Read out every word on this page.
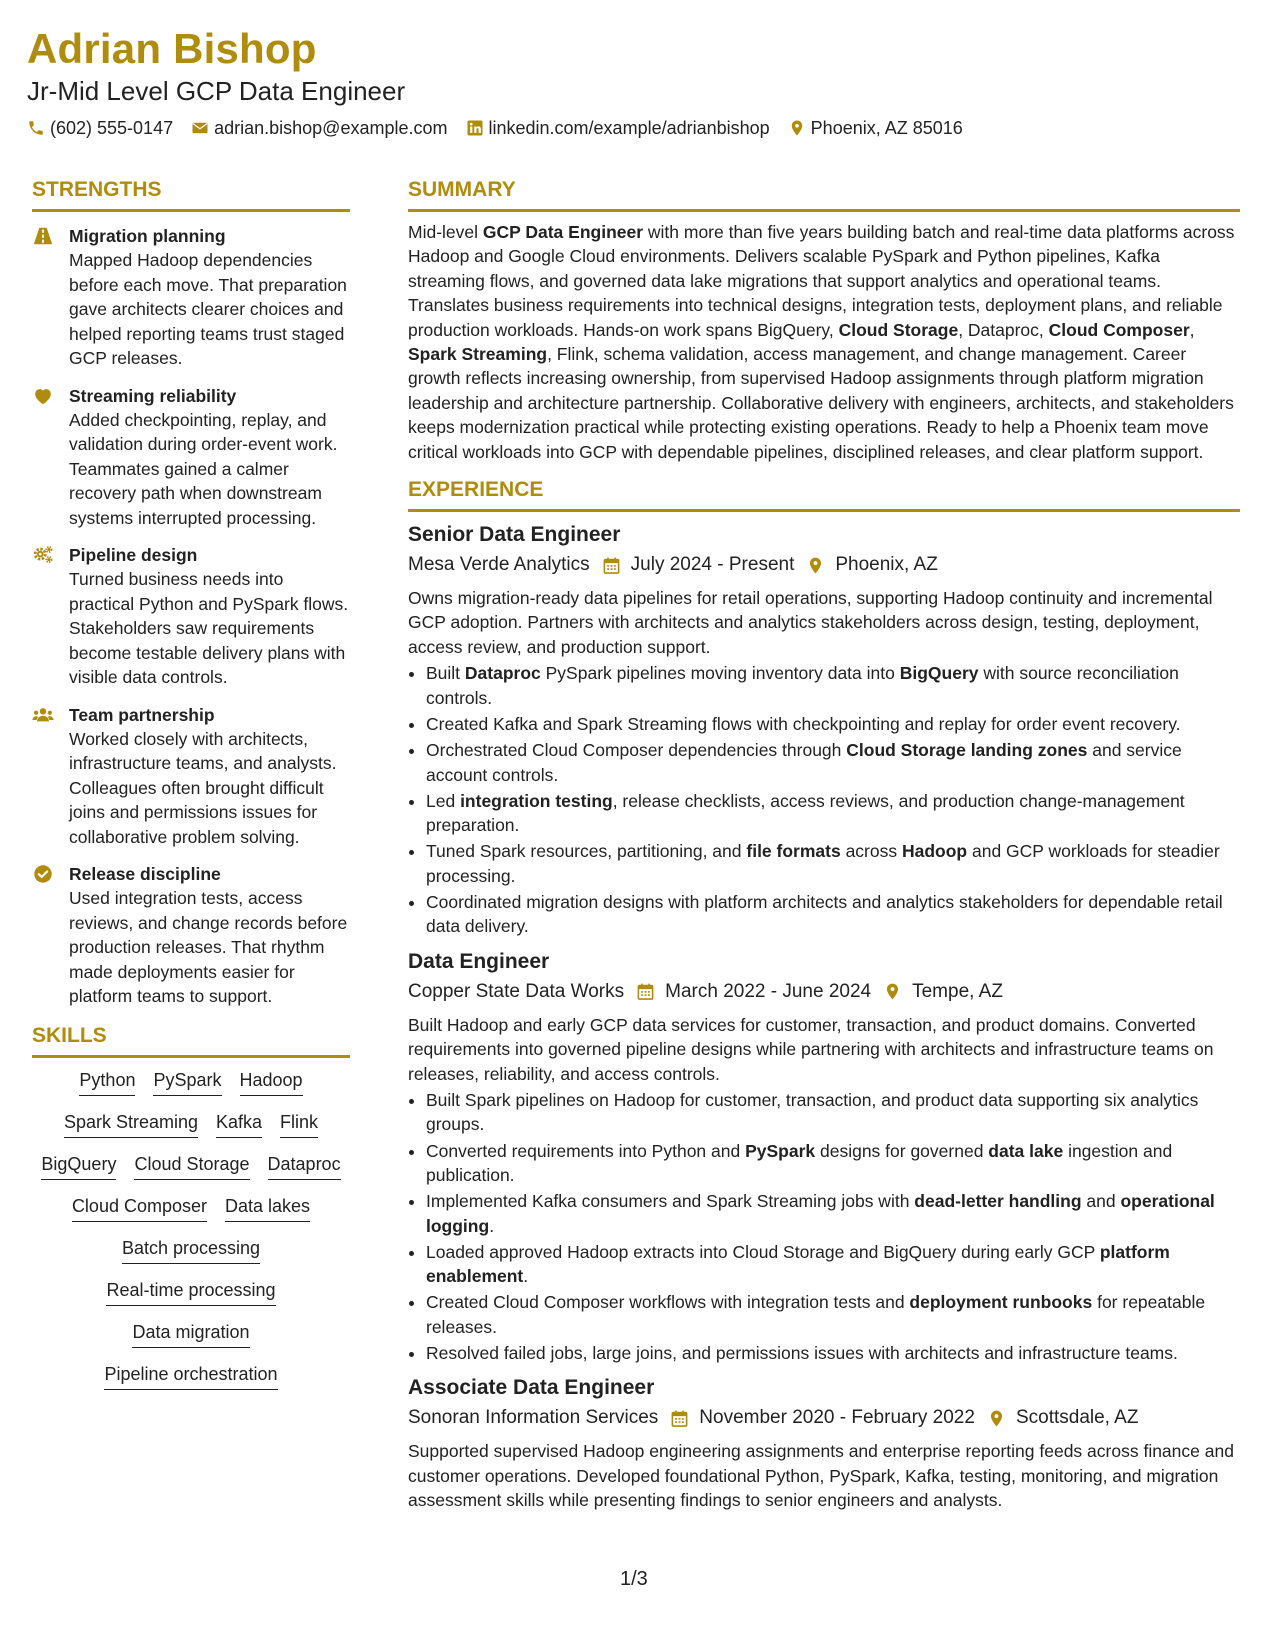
Adrian Bishop
Jr-Mid Level GCP Data Engineer
(602) 555-0147 adrian.bishop@example.com linkedin.com/example/adrianbishop Phoenix, AZ 85016
STRENGTHS
Migration planning
Mapped Hadoop dependencies before each move. That preparation gave architects clearer choices and helped reporting teams trust staged GCP releases.
Streaming reliability
Added checkpointing, replay, and validation during order-event work. Teammates gained a calmer recovery path when downstream systems interrupted processing.
Pipeline design
Turned business needs into practical Python and PySpark flows. Stakeholders saw requirements become testable delivery plans with visible data controls.
Team partnership
Worked closely with architects, infrastructure teams, and analysts. Colleagues often brought difficult joins and permissions issues for collaborative problem solving.
Release discipline
Used integration tests, access reviews, and change records before production releases. That rhythm made deployments easier for platform teams to support.
SKILLS
Python PySpark Hadoop
Spark Streaming Kafka Flink
BigQuery Cloud Storage Dataproc
Cloud Composer Data lakes
Batch processing
Real-time processing
Data migration
Pipeline orchestration
SUMMARY
Mid-level GCP Data Engineer with more than five years building batch and real-time data platforms across Hadoop and Google Cloud environments. Delivers scalable PySpark and Python pipelines, Kafka streaming flows, and governed data lake migrations that support analytics and operational teams. Translates business requirements into technical designs, integration tests, deployment plans, and reliable production workloads. Hands-on work spans BigQuery, Cloud Storage, Dataproc, Cloud Composer, Spark Streaming, Flink, schema validation, access management, and change management. Career growth reflects increasing ownership, from supervised Hadoop assignments through platform migration leadership and architecture partnership. Collaborative delivery with engineers, architects, and stakeholders keeps modernization practical while protecting existing operations. Ready to help a Phoenix team move critical workloads into GCP with dependable pipelines, disciplined releases, and clear platform support.
EXPERIENCE
Senior Data Engineer
Mesa Verde Analytics July 2024 - Present Phoenix, AZ
Owns migration-ready data pipelines for retail operations, supporting Hadoop continuity and incremental GCP adoption. Partners with architects and analytics stakeholders across design, testing, deployment, access review, and production support.
• Built Dataproc PySpark pipelines moving inventory data into BigQuery with source reconciliation controls.
• Created Kafka and Spark Streaming flows with checkpointing and replay for order event recovery.
• Orchestrated Cloud Composer dependencies through Cloud Storage landing zones and service account controls.
• Led integration testing, release checklists, access reviews, and production change-management preparation.
• Tuned Spark resources, partitioning, and file formats across Hadoop and GCP workloads for steadier processing.
• Coordinated migration designs with platform architects and analytics stakeholders for dependable retail data delivery.
Data Engineer
Copper State Data Works March 2022 - June 2024 Tempe, AZ
Built Hadoop and early GCP data services for customer, transaction, and product domains. Converted requirements into governed pipeline designs while partnering with architects and infrastructure teams on releases, reliability, and access controls.
• Built Spark pipelines on Hadoop for customer, transaction, and product data supporting six analytics groups.
• Converted requirements into Python and PySpark designs for governed data lake ingestion and publication.
• Implemented Kafka consumers and Spark Streaming jobs with dead-letter handling and operational logging.
• Loaded approved Hadoop extracts into Cloud Storage and BigQuery during early GCP platform enablement.
• Created Cloud Composer workflows with integration tests and deployment runbooks for repeatable releases.
• Resolved failed jobs, large joins, and permissions issues with architects and infrastructure teams.
Associate Data Engineer
Sonoran Information Services November 2020 - February 2022 Scottsdale, AZ
Supported supervised Hadoop engineering assignments and enterprise reporting feeds across finance and customer operations. Developed foundational Python, PySpark, Kafka, testing, monitoring, and migration assessment skills while presenting findings to senior engineers and analysts.
1/3
